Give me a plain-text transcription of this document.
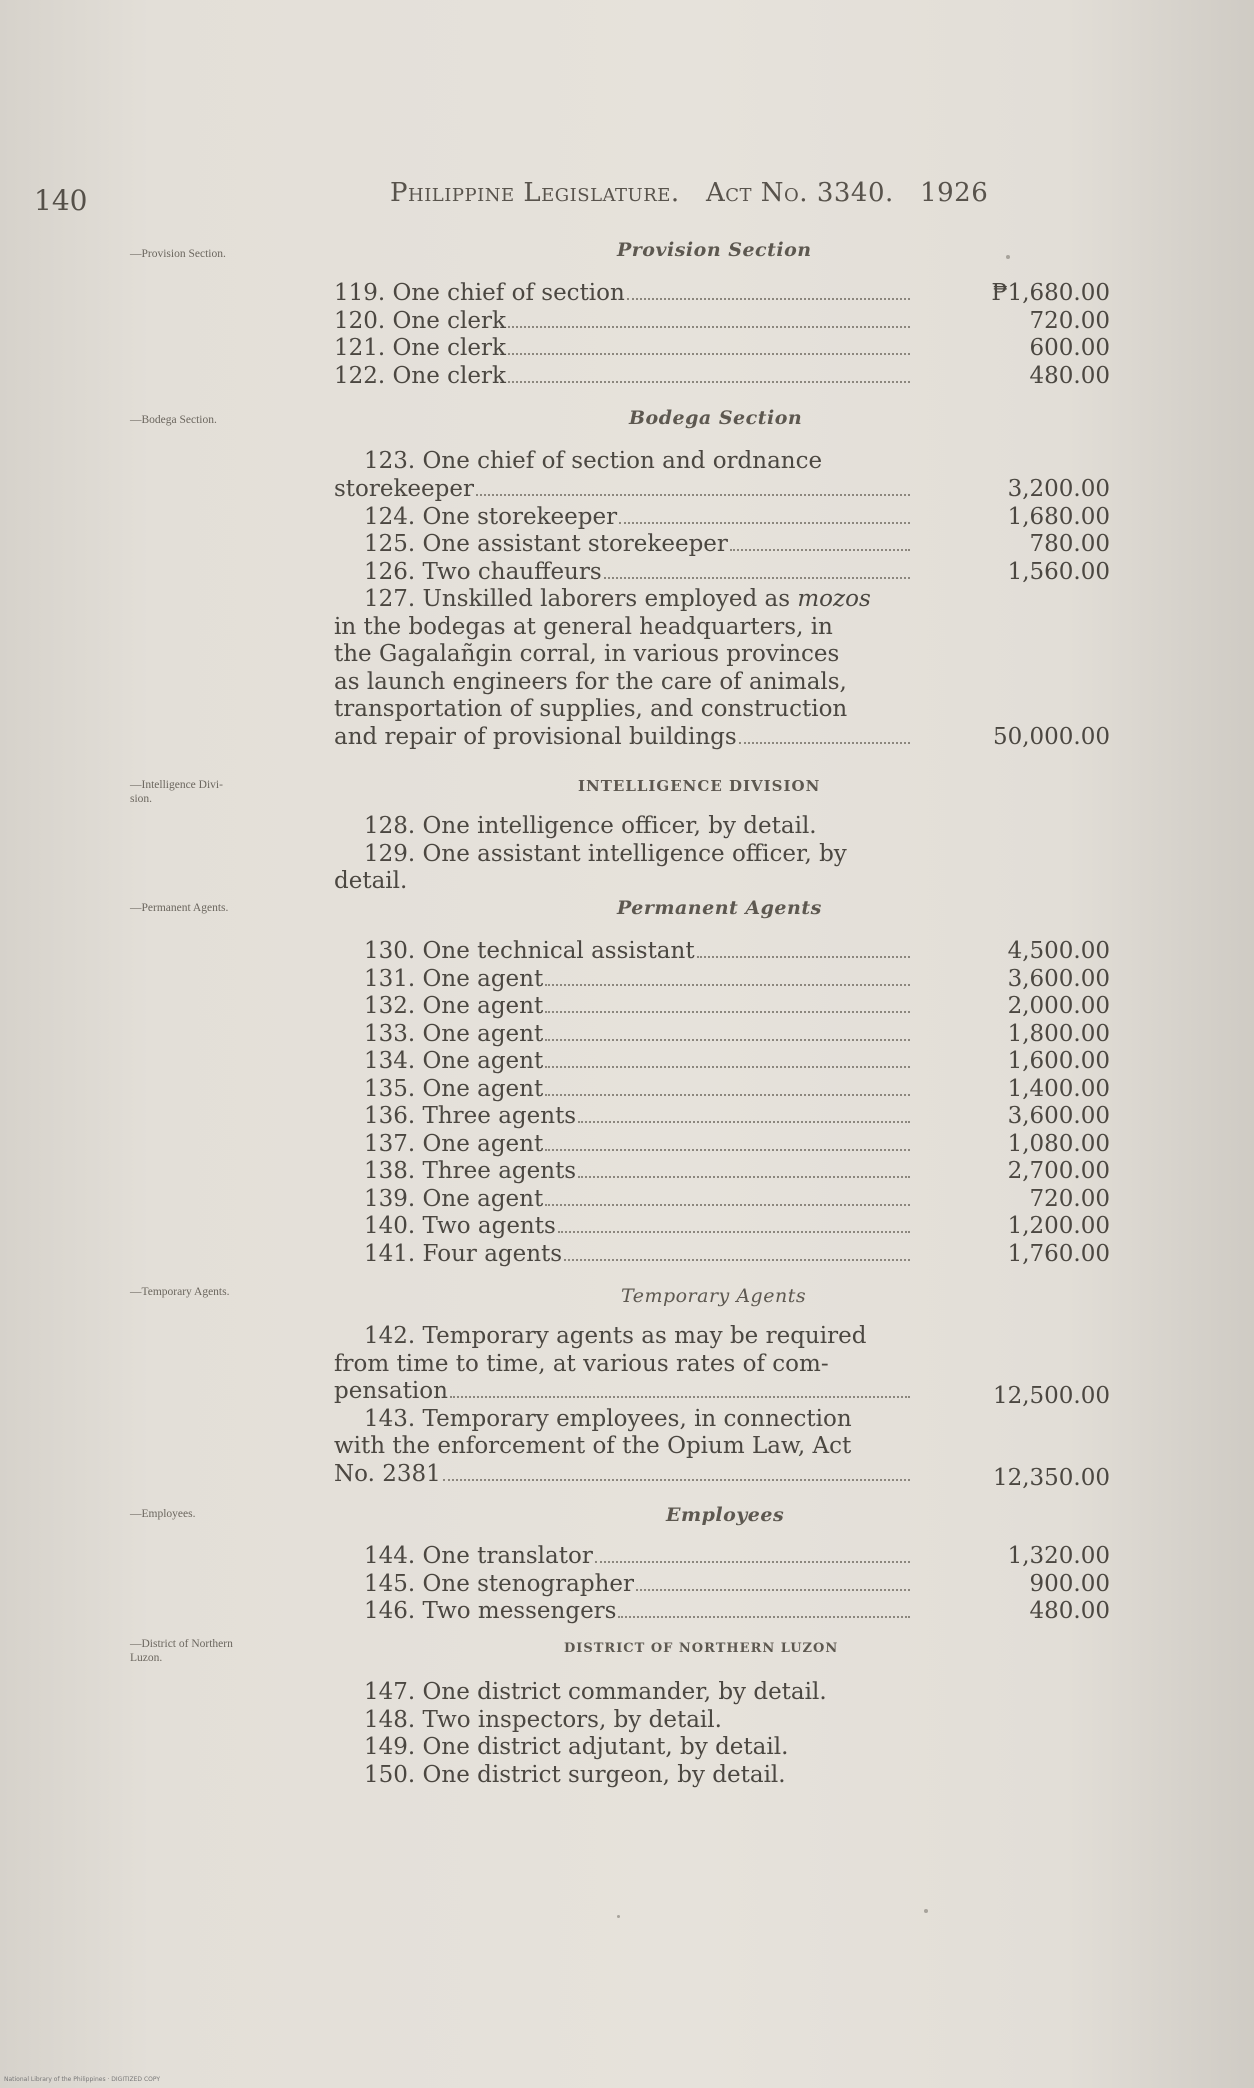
140	Philippine Legislature. Act No. 3340. 1926
—Provision Section.
—Bodega Section.
—Intelligence Divi-
sion.
—Permanent Agents.
—Temporary Agents.
—Employees.
—District of Northern
Luzon.
Provision Section
119. One chief of section
120. One clerk
121. One clerk
122. One clerk
₱1,680.00
720.00
600.00
480.00
Bodega Section
123. One chief of section and ordnance
storekeeper
124. One storekeeper
125. One assistant storekeeper
126. Two chauffeurs
3,200.00
1,680.00
780.00
1,560.00
127. Unskilled laborers employed as mozos
in the bodegas at general headquarters, in
the Gagalañgin corral, in various provinces
as launch engineers for the care of animals,
transportation of supplies, and construction
and repair of provisional buildings	50,000.00
INTELLIGENCE DIVISION
128. One intelligence officer, by detail.
129. One assistant intelligence officer, by
detail.
Permanent Agents
130. One technical assistant
131. One agent
132. One agent
133. One agent
134. One agent
135. One agent
136. Three agents
137. One agent
138. Three agents
139. One agent
140. Two agents
141. Four agents
4,500.00
3,600.00
2,000.00
1,800.00
1,600.00
1,400.00
3,600.00
1,080.00
2,700.00
720.00
1,200.00
1,760.00
Temporary Agents
142. Temporary agents as may be required
from time to time, at various rates of com-
pensation
143. Temporary employees, in connection
with the enforcement of the Opium Law, Act
No. 2381
12,500.00
12,350.00
Employees
144. One translator
145. One stenographer
146. Two messengers
1,320.00
900.00
480.00
DISTRICT OF NORTHERN LUZON
147. One district commander, by detail.
148. Two inspectors, by detail.
149. One district adjutant, by detail.
150. One district surgeon, by detail.
National Library of the Philippines · DIGITIZED COPY
